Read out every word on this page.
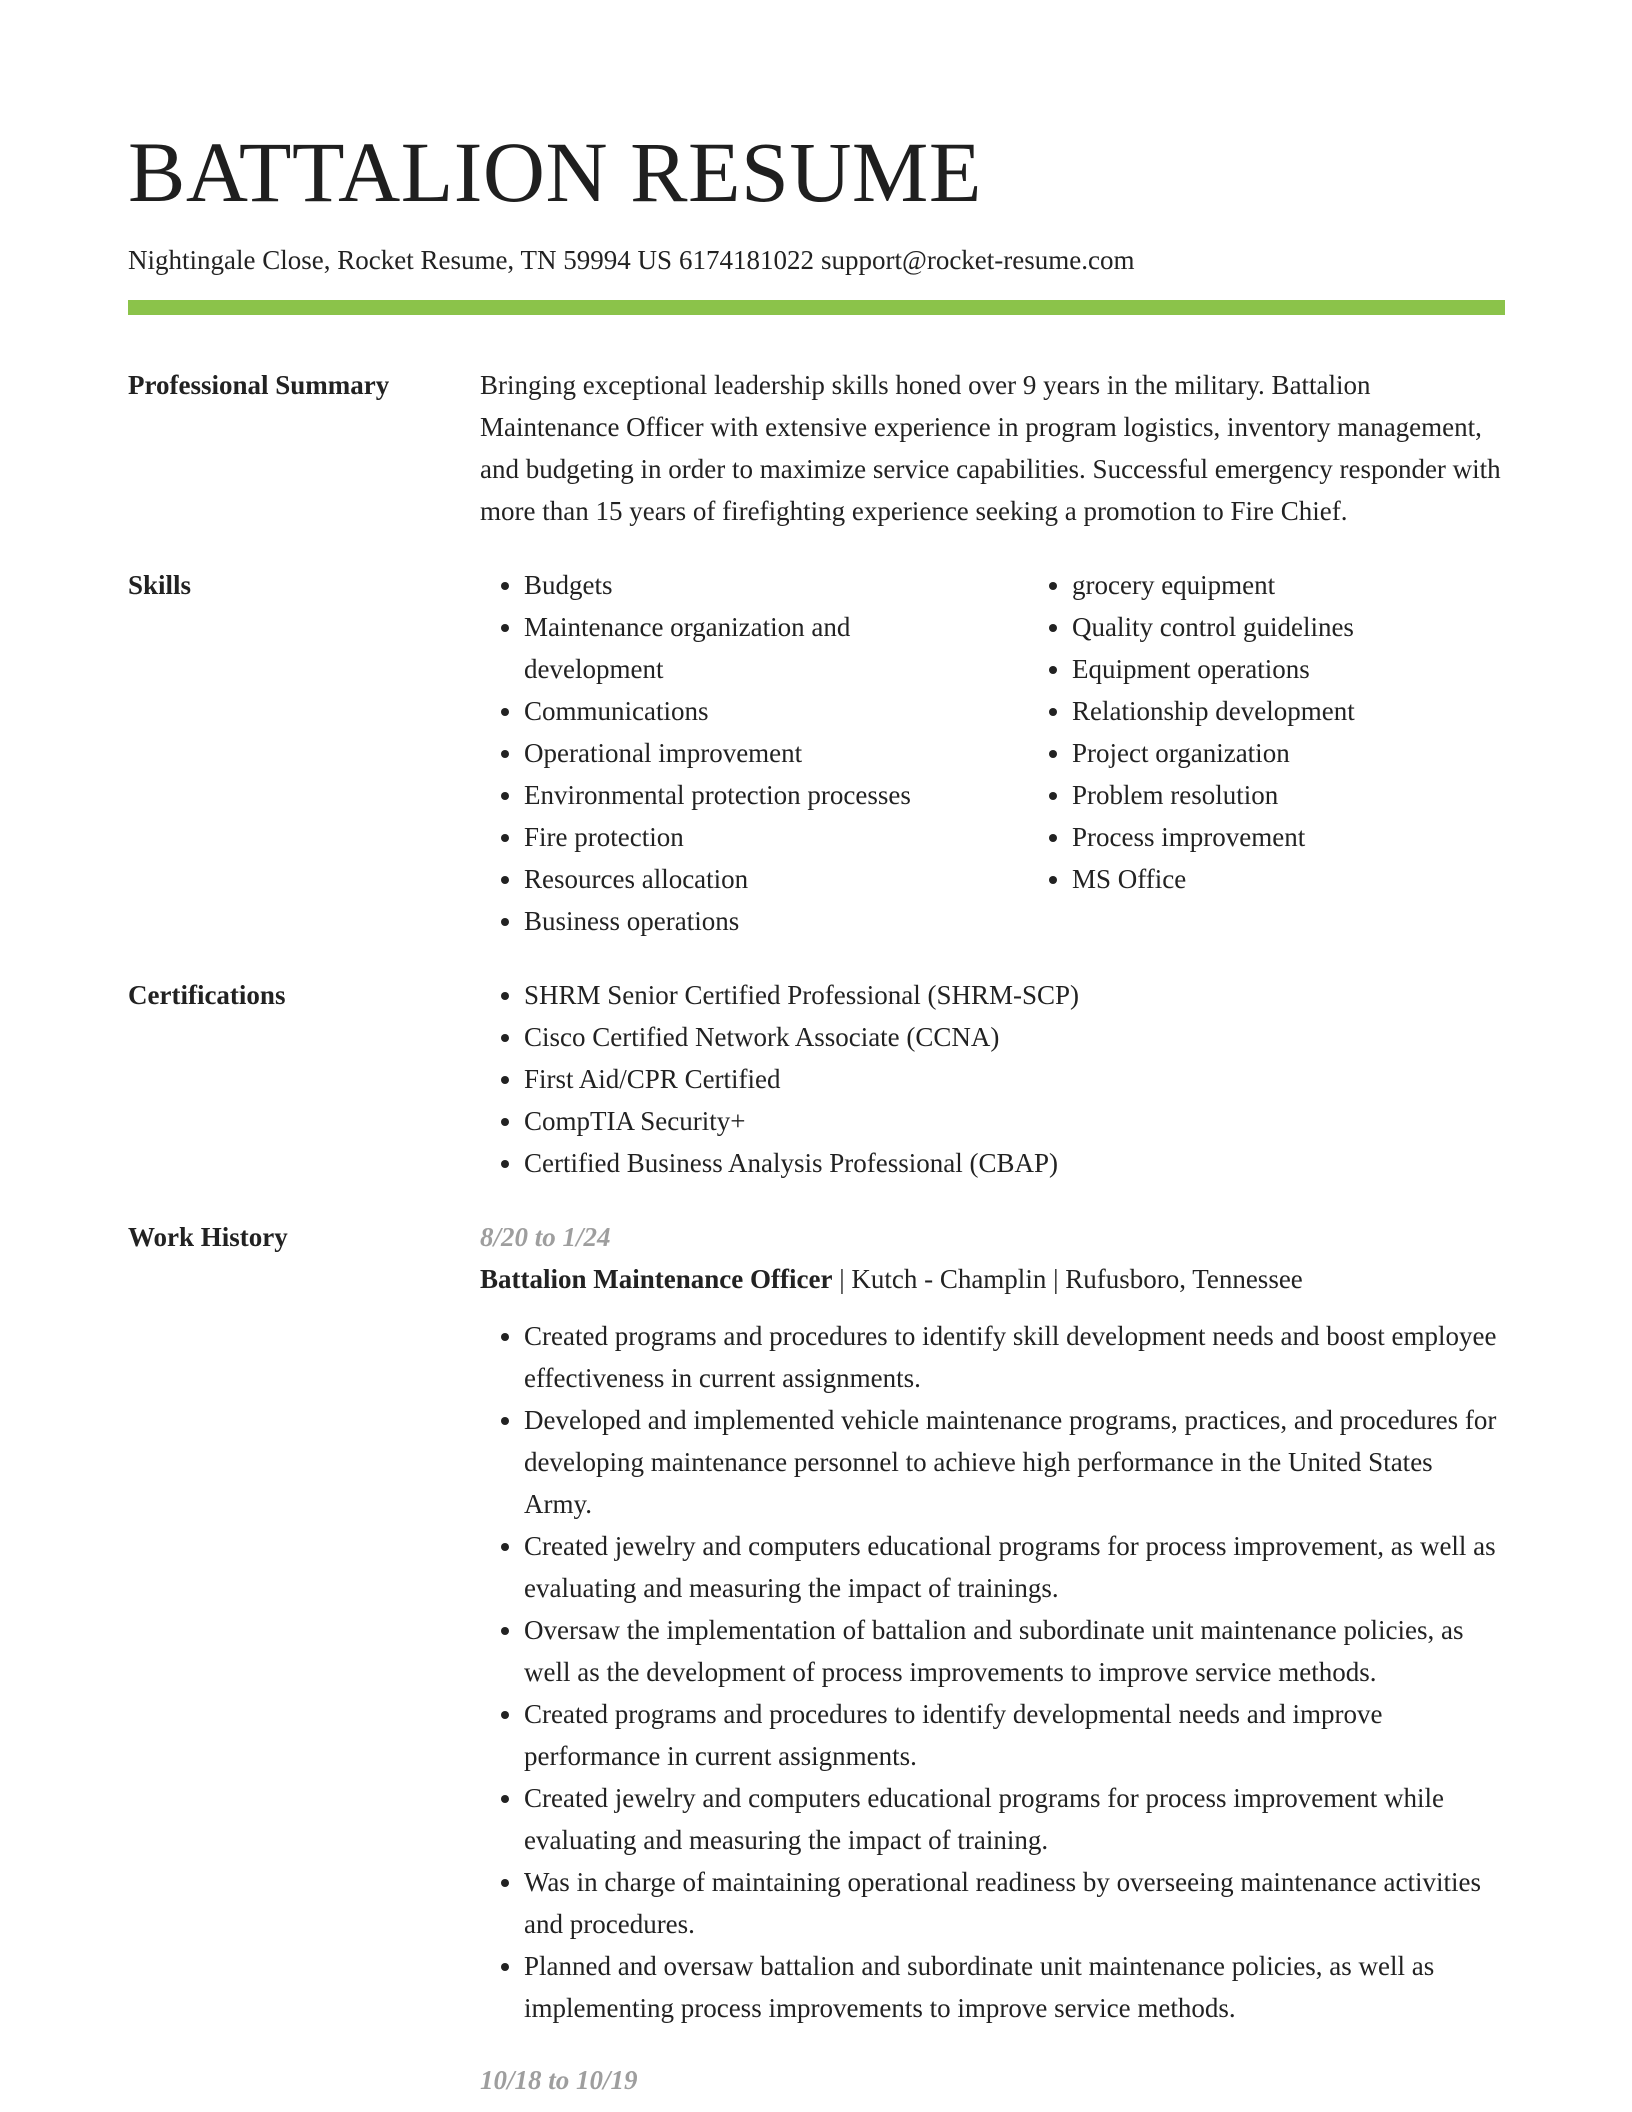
BATTALION RESUME
Nightingale Close, Rocket Resume, TN 59994 US 6174181022 support@rocket-resume.com
Professional Summary	Bringing exceptional leadership skills honed over 9 years in the military. Battalion Maintenance Officer with extensive experience in program logistics, inventory management, and budgeting in order to maximize service capabilities. Successful emergency responder with more than 15 years of firefighting experience seeking a promotion to Fire Chief.

Skills	• Budgets
• Maintenance organization and development
• Communications
• Operational improvement
• Environmental protection processes
• Fire protection
• Resources allocation
• Business operations
• grocery equipment
• Quality control guidelines
• Equipment operations
• Relationship development
• Project organization
• Problem resolution
• Process improvement
• MS Office
Certifications	• SHRM Senior Certified Professional (SHRM-SCP)
• Cisco Certified Network Associate (CCNA)
• First Aid/CPR Certified
• CompTIA Security+
• Certified Business Analysis Professional (CBAP)
Work History	8/20 to 1/24
Battalion Maintenance Officer | Kutch - Champlin | Rufusboro, Tennessee
• Created programs and procedures to identify skill development needs and boost employee effectiveness in current assignments.
• Developed and implemented vehicle maintenance programs, practices, and procedures for developing maintenance personnel to achieve high performance in the United States Army.
• Created jewelry and computers educational programs for process improvement, as well as evaluating and measuring the impact of trainings.
• Oversaw the implementation of battalion and subordinate unit maintenance policies, as well as the development of process improvements to improve service methods.
• Created programs and procedures to identify developmental needs and improve performance in current assignments.
• Created jewelry and computers educational programs for process improvement while evaluating and measuring the impact of training.
• Was in charge of maintaining operational readiness by overseeing maintenance activities and procedures.
• Planned and oversaw battalion and subordinate unit maintenance policies, as well as implementing process improvements to improve service methods.
10/18 to 10/19
